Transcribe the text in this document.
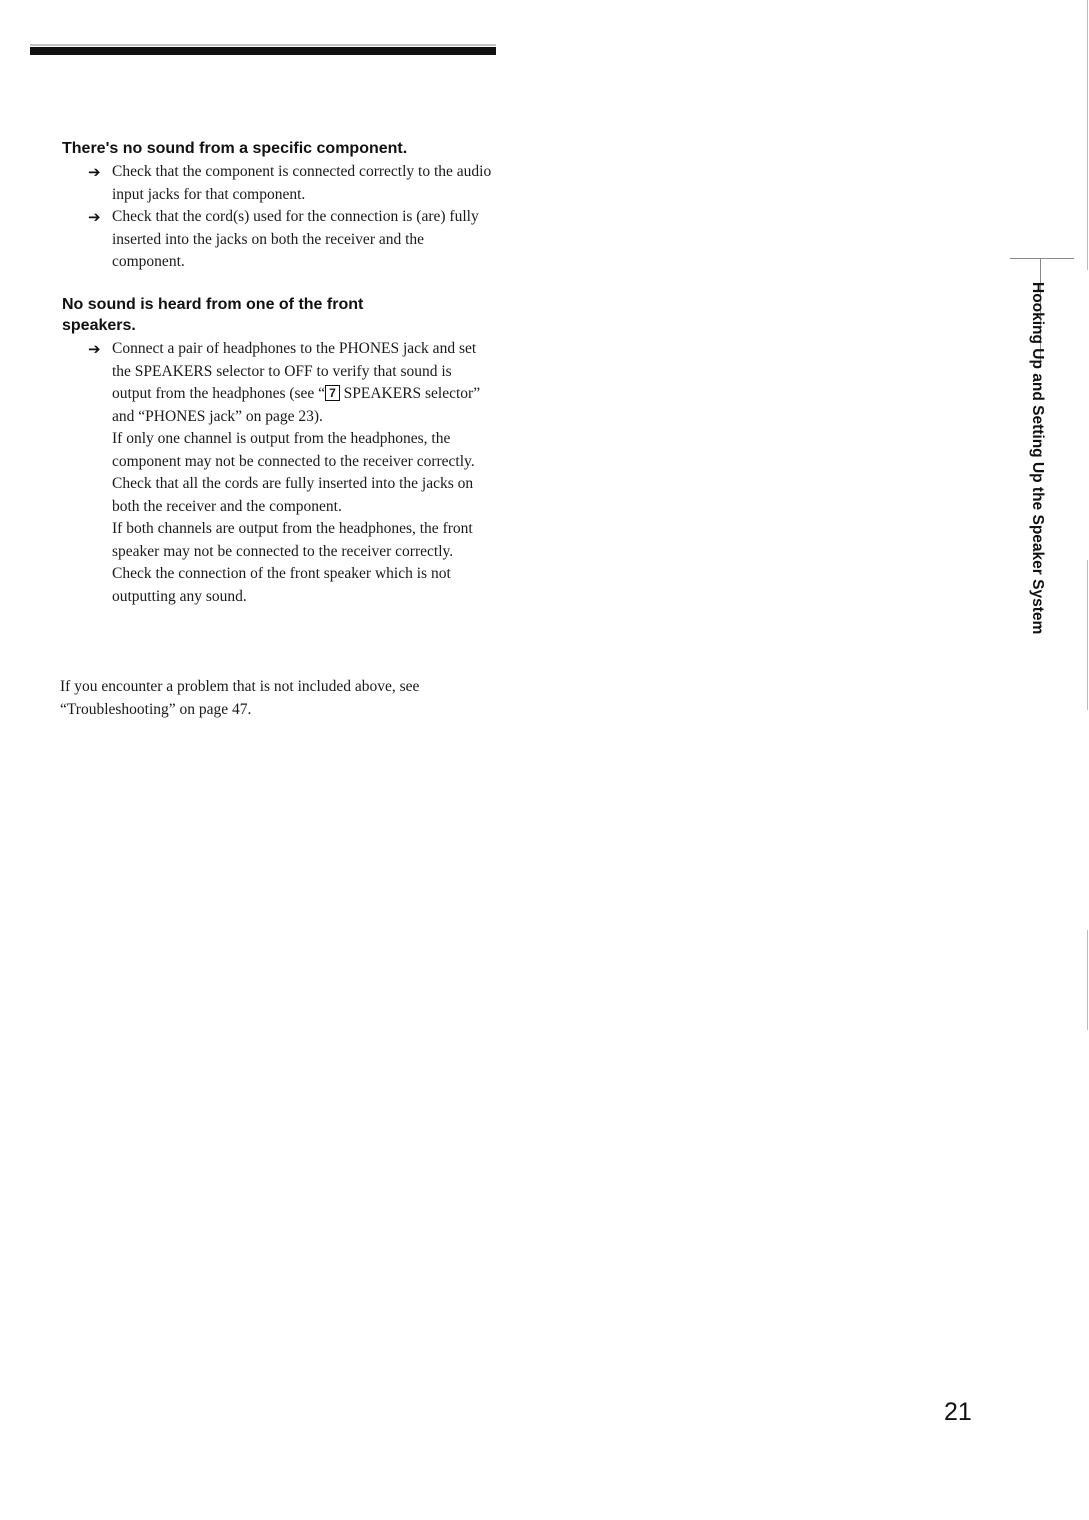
There's no sound from a specific component.
➔ Check that the component is connected correctly to the audio input jacks for that component.

➔ Check that the cord(s) used for the connection is (are) fully inserted into the jacks on both the receiver and the component.

No sound is heard from one of the front
speakers.
➔ Connect a pair of headphones to the PHONES jack and set the SPEAKERS selector to OFF to verify that sound is output from the headphones (see “ 7 SPEAKERS selector” and “PHONES jack” on page 23).

If only one channel is output from the headphones, the component may not be connected to the receiver correctly. Check that all the cords are fully inserted into the jacks on both the receiver and the component.

If both channels are output from the headphones, the front speaker may not be connected to the receiver correctly. Check the connection of the front speaker which is not outputting any sound.

If you encounter a problem that is not included above, see “Troubleshooting” on page 47.

Hooking Up and Setting Up the Speaker System
21
